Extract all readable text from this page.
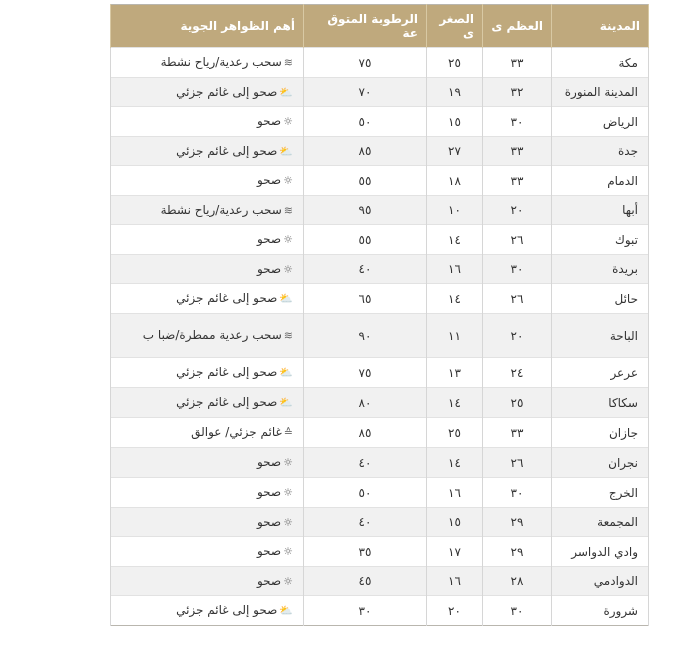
المدينة	العظم ى	الصغر ى	الرطوبة المتوق عة	أهم الظواهر الجوية
مكة	٣٣	٢٥	٧٥	≋سحب رعدية/رياح نشطة
المدينة المنورة	٣٢	١٩	٧٠	⛅صحو إلى غائم جزئي
الرياض	٣٠	١٥	٥٠	☼صحو
جدة	٣٣	٢٧	٨٥	⛅صحو إلى غائم جزئي
الدمام	٣٣	١٨	٥٥	☼صحو
أبها	٢٠	١٠	٩٥	≋سحب رعدية/رياح نشطة
تبوك	٢٦	١٤	٥٥	☼صحو
بريدة	٣٠	١٦	٤٠	☼صحو
حائل	٢٦	١٤	٦٥	⛅صحو إلى غائم جزئي
الباحة	٢٠	١١	٩٠	≋سحب رعدية ممطرة/ضبا ب
عرعر	٢٤	١٣	٧٥	⛅صحو إلى غائم جزئي
سكاكا	٢٥	١٤	٨٠	⛅صحو إلى غائم جزئي
جازان	٣٣	٢٥	٨٥	≙غائم جزئي/ عوالق
نجران	٢٦	١٤	٤٠	☼صحو
الخرج	٣٠	١٦	٥٠	☼صحو
المجمعة	٢٩	١٥	٤٠	☼صحو
وادي الدواسر	٢٩	١٧	٣٥	☼صحو
الدوادمي	٢٨	١٦	٤٥	☼صحو
شرورة	٣٠	٢٠	٣٠	⛅صحو إلى غائم جزئي
